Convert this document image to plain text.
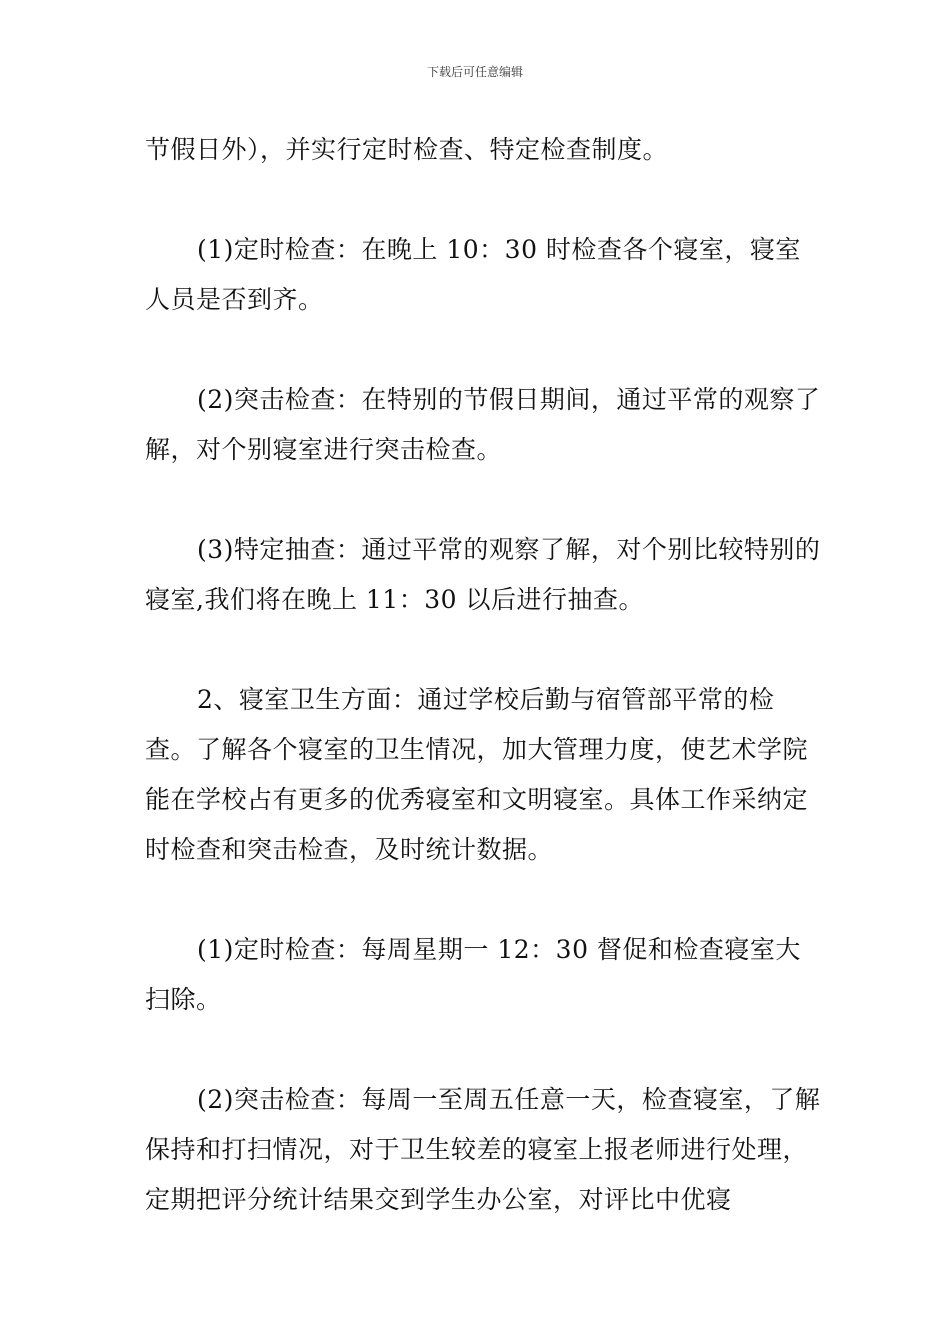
下载后可任意编辑

节假日外），并实行定时检查、特定检查制度。

(1)定时检查：在晚上 10：30 时检查各个寝室，寝室人员是否到齐。

(2)突击检查：在特别的节假日期间，通过平常的观察了解，对个别寝室进行突击检查。

(3)特定抽查：通过平常的观察了解，对个别比较特别的寝室,我们将在晚上 11：30 以后进行抽查。

2、寝室卫生方面：通过学校后勤与宿管部平常的检查。了解各个寝室的卫生情况，加大管理力度，使艺术学院能在学校占有更多的优秀寝室和文明寝室。具体工作采纳定时检查和突击检查，及时统计数据。

(1)定时检查：每周星期一 12：30 督促和检查寝室大扫除。

(2)突击检查：每周一至周五任意一天，检查寝室，了解保持和打扫情况，对于卫生较差的寝室上报老师进行处理，定期把评分统计结果交到学生办公室，对评比中优寝
